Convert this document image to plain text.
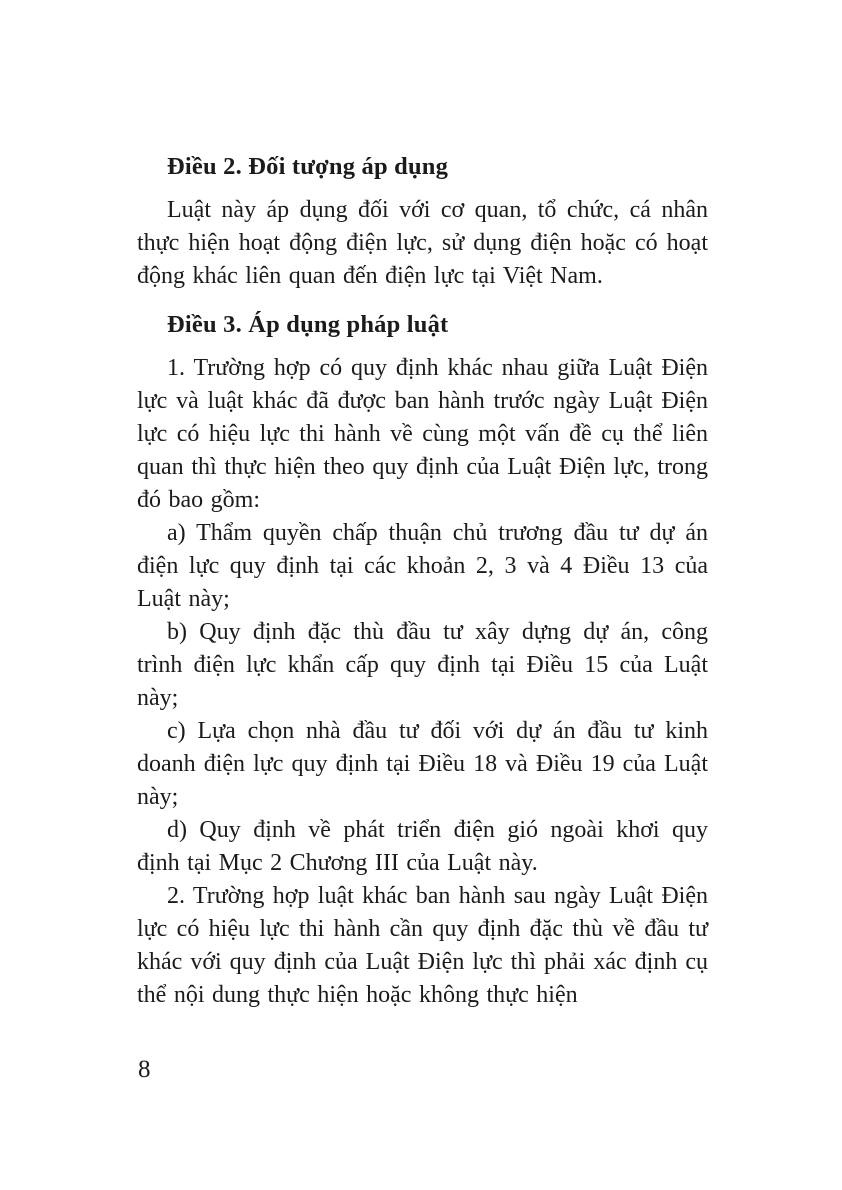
Điều 2. Đối tượng áp dụng

Luật này áp dụng đối với cơ quan, tổ chức, cá nhân thực hiện hoạt động điện lực, sử dụng điện hoặc có hoạt động khác liên quan đến điện lực tại Việt Nam.

Điều 3. Áp dụng pháp luật

1. Trường hợp có quy định khác nhau giữa Luật Điện lực và luật khác đã được ban hành trước ngày Luật Điện lực có hiệu lực thi hành về cùng một vấn đề cụ thể liên quan thì thực hiện theo quy định của Luật Điện lực, trong đó bao gồm:

a) Thẩm quyền chấp thuận chủ trương đầu tư dự án điện lực quy định tại các khoản 2, 3 và 4 Điều 13 của Luật này;

b) Quy định đặc thù đầu tư xây dựng dự án, công trình điện lực khẩn cấp quy định tại Điều 15 của Luật này;

c) Lựa chọn nhà đầu tư đối với dự án đầu tư kinh doanh điện lực quy định tại Điều 18 và Điều 19 của Luật này;

d) Quy định về phát triển điện gió ngoài khơi quy định tại Mục 2 Chương III của Luật này.

2. Trường hợp luật khác ban hành sau ngày Luật Điện lực có hiệu lực thi hành cần quy định đặc thù về đầu tư khác với quy định của Luật Điện lực thì phải xác định cụ thể nội dung thực hiện hoặc không thực hiện

8
